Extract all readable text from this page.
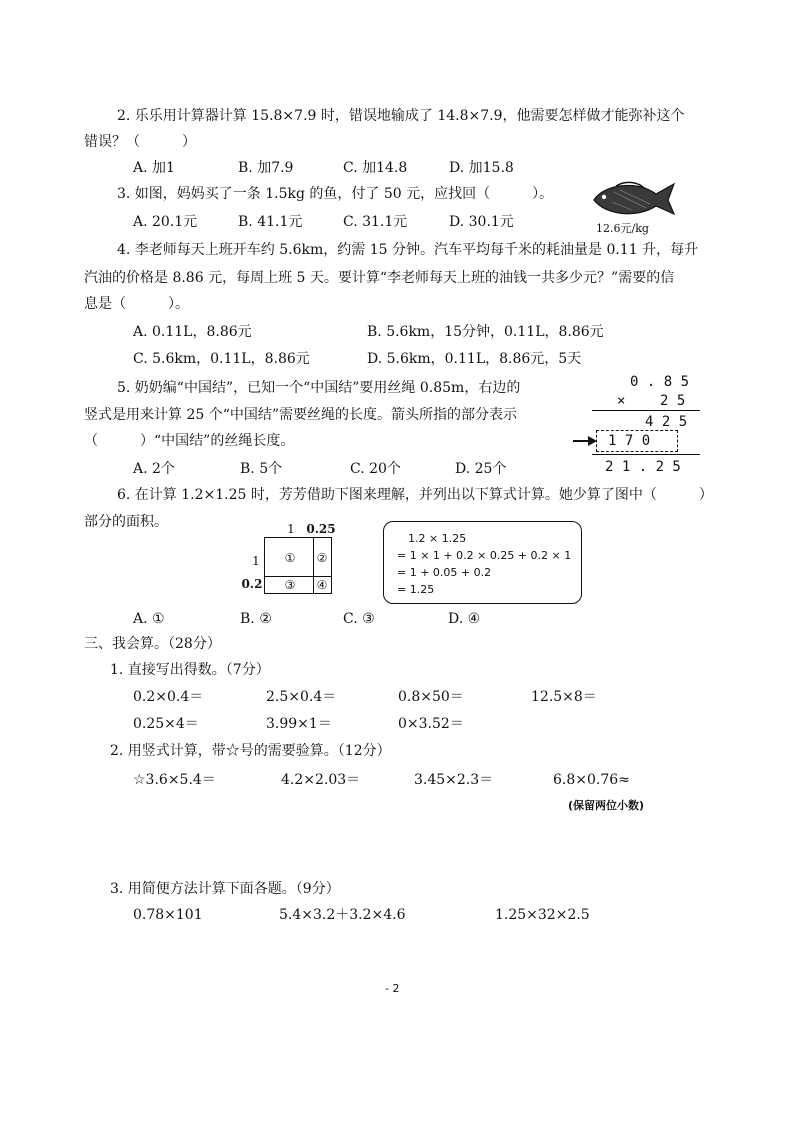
2. 乐乐用计算器计算 15.8×7.9 时，错误地输成了 14.8×7.9，他需要怎样做才能弥补这个
错误？（　　　）
A. 加1	B. 加7.9	C. 加14.8	D. 加15.8
3. 如图，妈妈买了一条 1.5kg 的鱼，付了 50 元，应找回（　　　）。
A. 20.1元	B. 41.1元	C. 31.1元	D. 30.1元	12.6元/kg
4. 李老师每天上班开车约 5.6km，约需 15 分钟。汽车平均每千米的耗油量是 0.11 升，每升
汽油的价格是 8.86 元，每周上班 5 天。要计算“李老师每天上班的油钱一共多少元？”需要的信
息是（　　　）。
A. 0.11L，8.86元	B. 5.6km，15分钟，0.11L，8.86元
C. 5.6km，0.11L，8.86元	D. 5.6km，0.11L，8.86元，5天
5. 奶奶编“中国结”，已知一个“中国结”要用丝绳 0.85m，右边的
竖式是用来计算 25 个“中国结”需要丝绳的长度。箭头所指的部分表示
（　　　）“中国结”的丝绳长度。
A. 2个	B. 5个	C. 20个	D. 25个
0 . 8 5
× 2 5
4 2 5
1 7 0
2 1 . 2 5
6. 在计算 1.2×1.25 时，芳芳借助下图来理解，并列出以下算式计算。她少算了图中（　　　）
部分的面积。	1 0.25
1
0.2
①	②
③	④
1.2 × 1.25
= 1 × 1 + 0.2 × 0.25 + 0.2 × 1
= 1 + 0.05 + 0.2
= 1.25
A. ①	B. ②	C. ③	D. ④
三、我会算。（28分）
1. 直接写出得数。（7分）
0.2×0.4＝	2.5×0.4＝	0.8×50＝	12.5×8＝
0.25×4＝	3.99×1＝	0×3.52＝
2. 用竖式计算，带☆号的需要验算。（12分）
☆3.6×5.4＝	4.2×2.03＝	3.45×2.3＝	6.8×0.76≈
(保留两位小数)
3. 用简便方法计算下面各题。（9分）
0.78×101	5.4×3.2＋3.2×4.6	1.25×32×2.5
- 2
